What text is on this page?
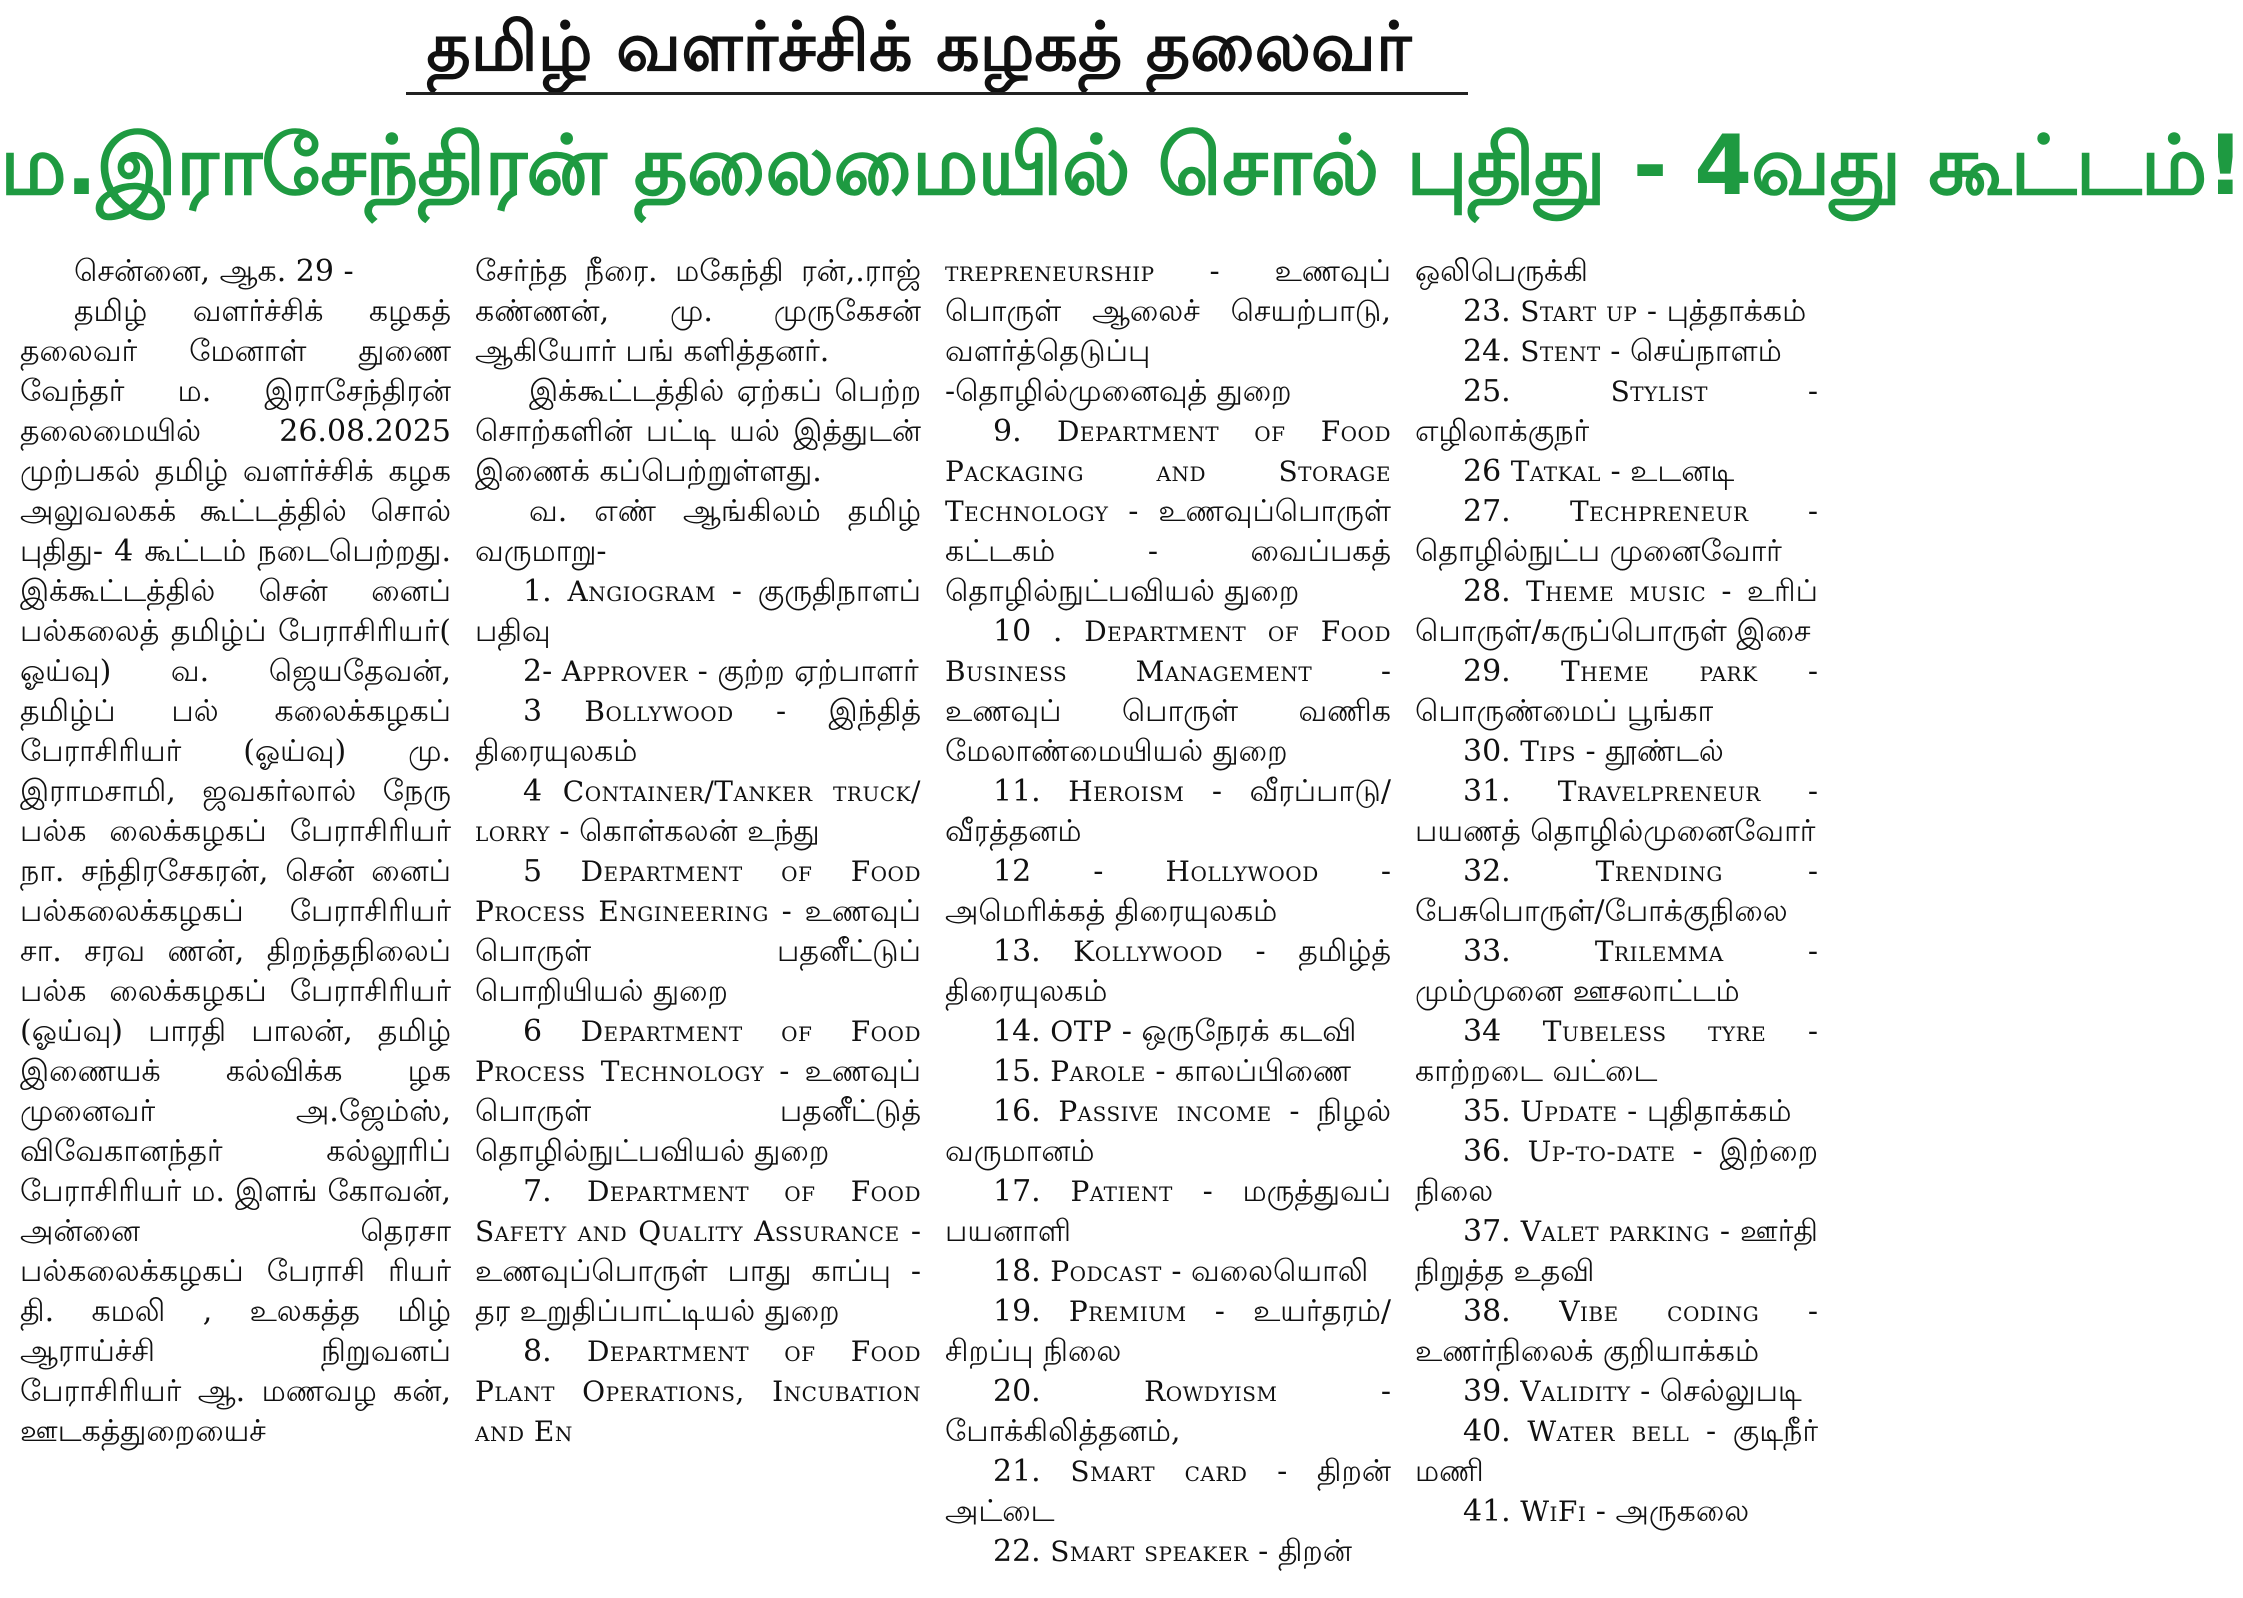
தமிழ் வளர்ச்சிக் கழகத் தலைவர்
ம.இராசேந்திரன் தலைமையில் சொல் புதிது - 4வது கூட்டம்!

சென்னை, ஆக. 29 -

தமிழ் வளர்ச்சிக் கழகத் தலைவர் மேனாள் துணை வேந்தர் ம. இராசேந்திரன் தலைமையில் 26.08.2025 முற்பகல் தமிழ் வளர்ச்சிக் கழக அலுவலகக் கூட்டத்தில் சொல் புதிது- 4 கூட்டம் நடைபெற்றது. இக்கூட்டத்தில் சென் னைப் பல்கலைத் தமிழ்ப் பேராசிரியர்( ஓய்வு) வ. ஜெயதேவன், தமிழ்ப் பல் கலைக்கழகப் பேராசிரியர் (ஓய்வு) மு. இராமசாமி, ஜவகர்லால் நேரு பல்க லைக்கழகப் பேராசிரியர் நா. சந்திரசேகரன், சென் னைப் பல்கலைக்கழகப் பேராசிரியர் சா. சரவ ணன், திறந்தநிலைப் பல்க லைக்கழகப் பேராசிரியர் (ஓய்வு) பாரதி பாலன், தமிழ் இணையக் கல்விக்க ழக முனைவர் அ.ஜேம்ஸ், விவேகானந்தர் கல்லூரிப் பேராசிரியர் ம. இளங் கோவன், அன்னை தெரசா பல்கலைக்கழகப் பேராசி ரியர் தி. கமலி , உலகத்த மிழ் ஆராய்ச்சி நிறுவனப் பேராசிரியர் ஆ. மணவழ கன், ஊடகத்துறையைச்

சேர்ந்த நீரை. மகேந்தி ரன்,.ராஜ் கண்ணன், மு. முருகேசன் ஆகியோர் பங் களித்தனர்.

இக்கூட்டத்தில் ஏற்கப் பெற்ற சொற்களின் பட்டி யல் இத்துடன் இணைக் கப்பெற்றுள்ளது.

வ. எண் ஆங்கிலம் தமிழ் வருமாறு-

1. Angiogram - குருதிநாளப் பதிவு

2- Approver - குற்ற ஏற்பாளர்

3 Bollywood - இந்தித் திரையுலகம்

4 Container/Tanker truck/ lorry - கொள்கலன் உந்து

5 Department of Food Process Engineering - உணவுப் பொருள் பதனீட்டுப் பொறியியல் துறை

6 Department of Food Process Technology - உணவுப் பொருள் பதனீட்டுத் தொழில்நுட்பவியல் துறை

7. Department of Food Safety and Quality Assurance - உணவுப்பொருள் பாது காப்பு - தர உறுதிப்பாட்டியல் துறை

8. Department of Food Plant Operations, Incubation and En

trepreneurship - உணவுப் பொருள் ஆலைச் செயற்பாடு, வளர்த்தெடுப்பு -தொழில்முனைவுத் துறை

9. Department of Food Packaging and Storage Technology - உணவுப்பொருள் கட்டகம் - வைப்பகத் தொழில்நுட்பவியல் துறை

10 . Department of Food Business Management - உணவுப் பொருள் வணிக மேலாண்மையியல் துறை

11. Heroism - வீரப்பாடு/ வீரத்தனம்

12 - Hollywood - அமெரிக்கத் திரையுலகம்

13. Kollywood - தமிழ்த் திரையுலகம்

14. OTP - ஒருநேரக் கடவி

15. Parole - காலப்பிணை

16. Passive income - நிழல் வருமானம்

17. Patient - மருத்துவப் பயனாளி

18. Podcast - வலையொலி

19. Premium - உயர்தரம்/ சிறப்பு நிலை

20. Rowdyism - போக்கிலித்தனம்,

21. Smart card - திறன் அட்டை

22. Smart speaker - திறன்

ஒலிபெருக்கி

23. Start up - புத்தாக்கம்

24. Stent - செய்நாளம்

25. Stylist - எழிலாக்குநர்

26 Tatkal - உடனடி

27. Techpreneur - தொழில்நுட்ப முனைவோர்

28. Theme music - உரிப் பொருள்/கருப்பொருள் இசை

29. Theme park - பொருண்மைப் பூங்கா

30. Tips - தூண்டல்

31. Travelpreneur - பயணத் தொழில்முனைவோர்

32. Trending - பேசுபொருள்/போக்குநிலை

33. Trilemma - மும்முனை ஊசலாட்டம்

34 Tubeless tyre - காற்றடை வட்டை

35. Update - புதிதாக்கம்

36. Up-to-date - இற்றை நிலை

37. Valet parking - ஊர்தி நிறுத்த உதவி

38. Vibe coding - உணர்நிலைக் குறியாக்கம்

39. Validity - செல்லுபடி

40. Water bell - குடிநீர் மணி

41. WiFi - அருகலை
